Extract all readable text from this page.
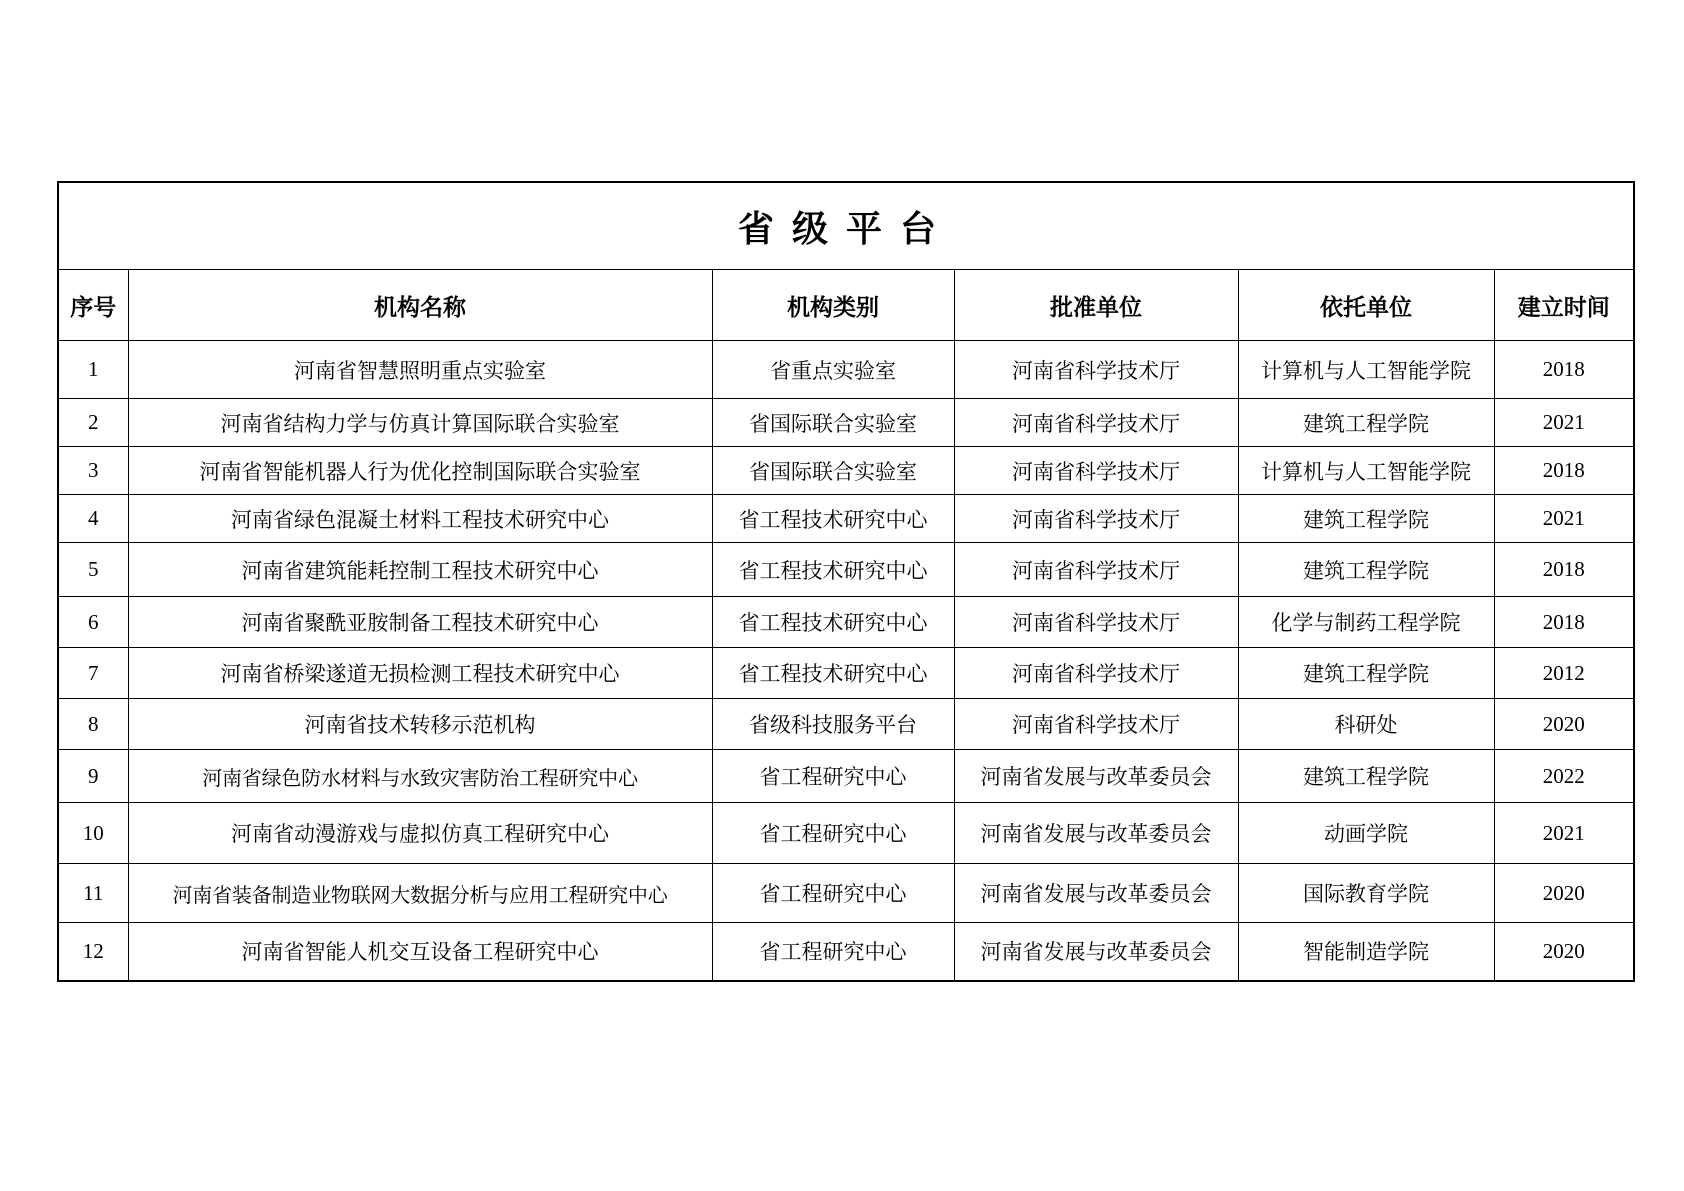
省级平台					
序号	机构名称	机构类别	批准单位	依托单位	建立时间
1	河南省智慧照明重点实验室	省重点实验室	河南省科学技术厅	计算机与人工智能学院	2018
2	河南省结构力学与仿真计算国际联合实验室	省国际联合实验室	河南省科学技术厅	建筑工程学院	2021
3	河南省智能机器人行为优化控制国际联合实验室	省国际联合实验室	河南省科学技术厅	计算机与人工智能学院	2018
4	河南省绿色混凝土材料工程技术研究中心	省工程技术研究中心	河南省科学技术厅	建筑工程学院	2021
5	河南省建筑能耗控制工程技术研究中心	省工程技术研究中心	河南省科学技术厅	建筑工程学院	2018
6	河南省聚酰亚胺制备工程技术研究中心	省工程技术研究中心	河南省科学技术厅	化学与制药工程学院	2018
7	河南省桥梁遂道无损检测工程技术研究中心	省工程技术研究中心	河南省科学技术厅	建筑工程学院	2012
8	河南省技术转移示范机构	省级科技服务平台	河南省科学技术厅	科研处	2020
9	河南省绿色防水材料与水致灾害防治工程研究中心	省工程研究中心	河南省发展与改革委员会	建筑工程学院	2022
10	河南省动漫游戏与虚拟仿真工程研究中心	省工程研究中心	河南省发展与改革委员会	动画学院	2021
11	河南省装备制造业物联网大数据分析与应用工程研究中心	省工程研究中心	河南省发展与改革委员会	国际教育学院	2020
12	河南省智能人机交互设备工程研究中心	省工程研究中心	河南省发展与改革委员会	智能制造学院	2020
